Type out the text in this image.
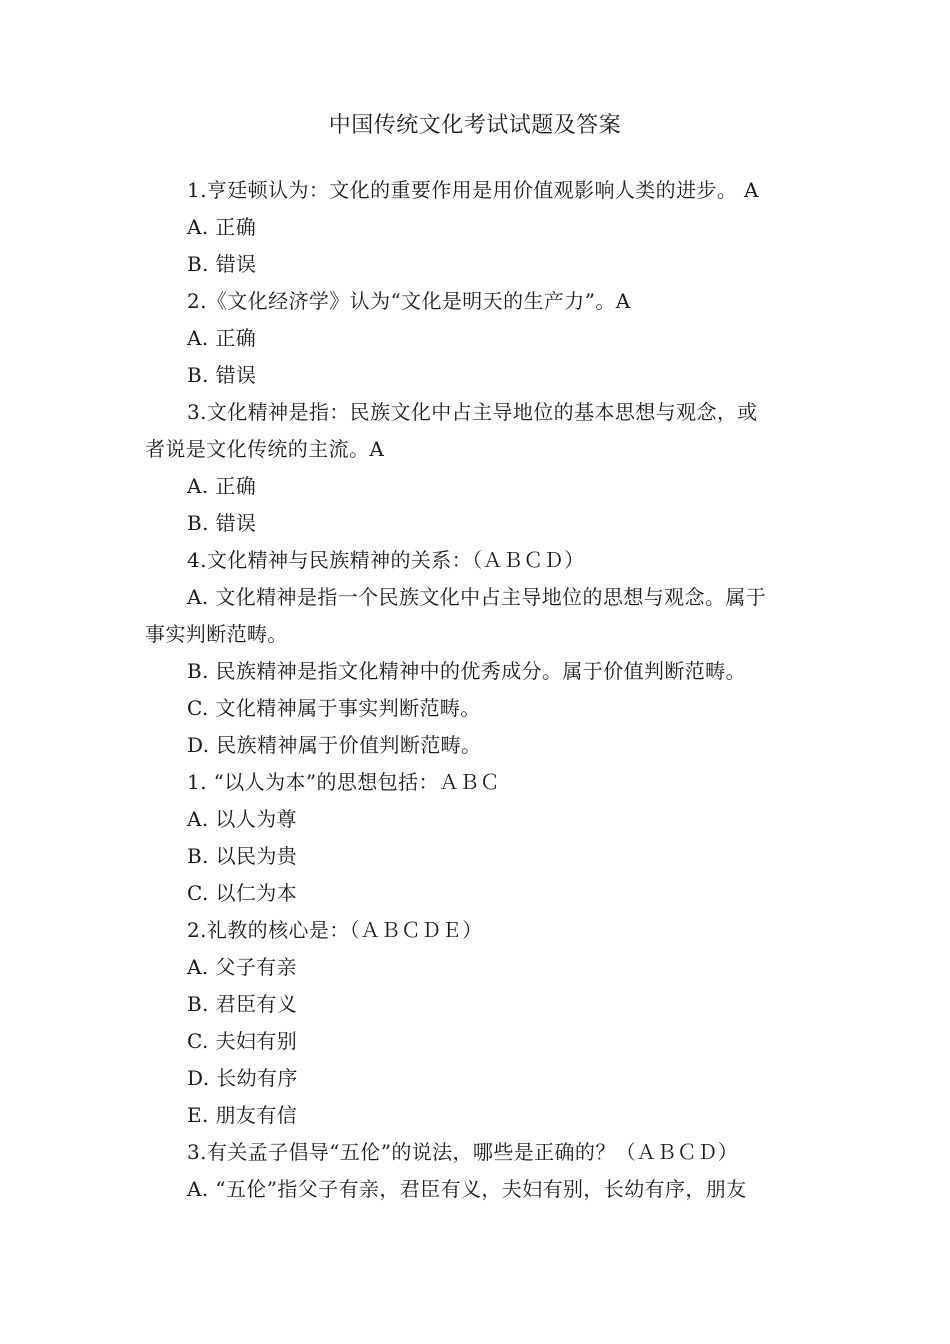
中国传统文化考试试题及答案
1.亨廷顿认为：文化的重要作用是用价值观影响人类的进步。 A
A. 正确
B. 错误
2.《文化经济学》认为“文化是明天的生产力”。A
A. 正确
B. 错误
3.文化精神是指：民族文化中占主导地位的基本思想与观念，或
者说是文化传统的主流。A
A. 正确
B. 错误
4.文化精神与民族精神的关系：（ＡＢＣＤ）
A. 文化精神是指一个民族文化中占主导地位的思想与观念。属于
事实判断范畴。
B. 民族精神是指文化精神中的优秀成分。属于价值判断范畴。
C. 文化精神属于事实判断范畴。
D. 民族精神属于价值判断范畴。
1. “以人为本”的思想包括：ＡＢＣ
A. 以人为尊
B. 以民为贵
C. 以仁为本
2.礼教的核心是：（ＡＢＣＤＥ）
A. 父子有亲
B. 君臣有义
C. 夫妇有别
D. 长幼有序
E. 朋友有信
3.有关孟子倡导“五伦”的说法，哪些是正确的？（ＡＢＣＤ）
A. “五伦”指父子有亲，君臣有义，夫妇有别，长幼有序，朋友
